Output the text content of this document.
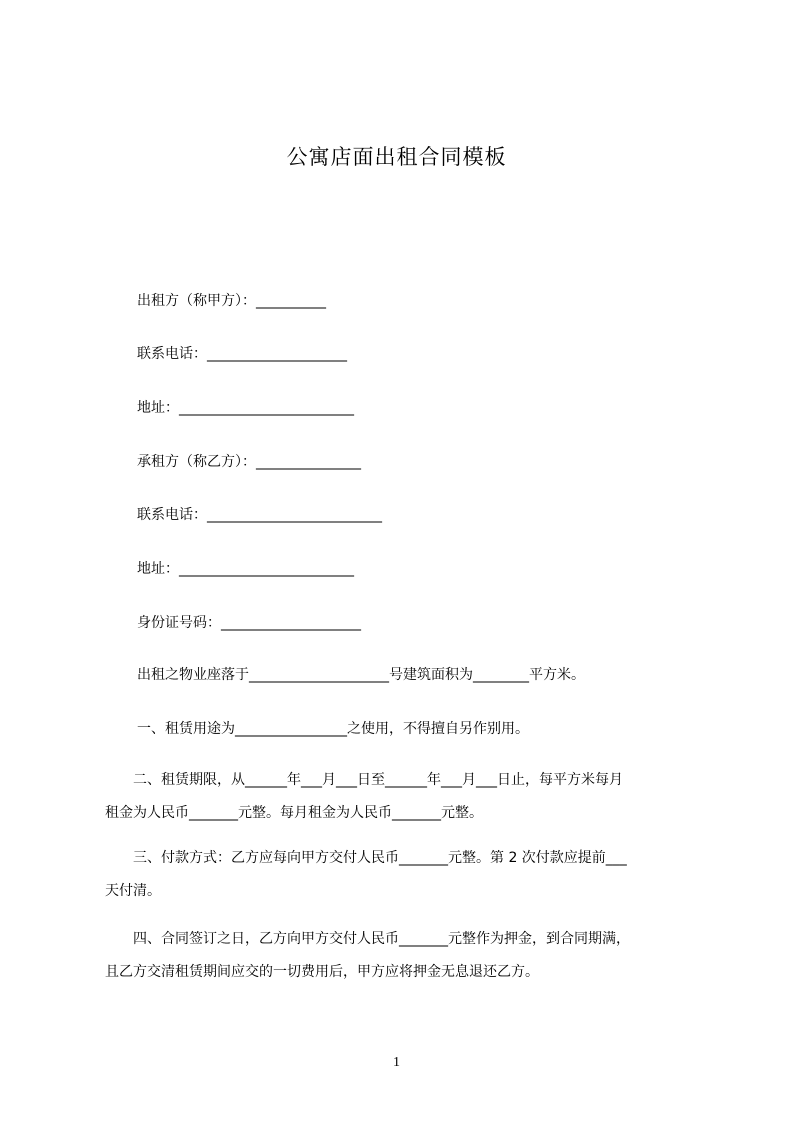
公寓店面出租合同模板
出租方（称甲方）：__________
联系电话：____________________
地址：_________________________
承租方（称乙方）：_______________
联系电话：_________________________
地址：_________________________
身份证号码：____________________
出租之物业座落于____________________号建筑面积为________平方米。
一、租赁用途为________________之使用，不得擅自另作别用。
　　二、租赁期限，从______年___月___日至______年___月___日止，每平方米每月
租金为人民币_______元整。每月租金为人民币_______元整。
　　三、付款方式：乙方应每向甲方交付人民币_______元整。第 2 次付款应提前___
天付清。
　　四、合同签订之日，乙方向甲方交付人民币_______元整作为押金，到合同期满，
且乙方交清租赁期间应交的一切费用后，甲方应将押金无息退还乙方。
1
